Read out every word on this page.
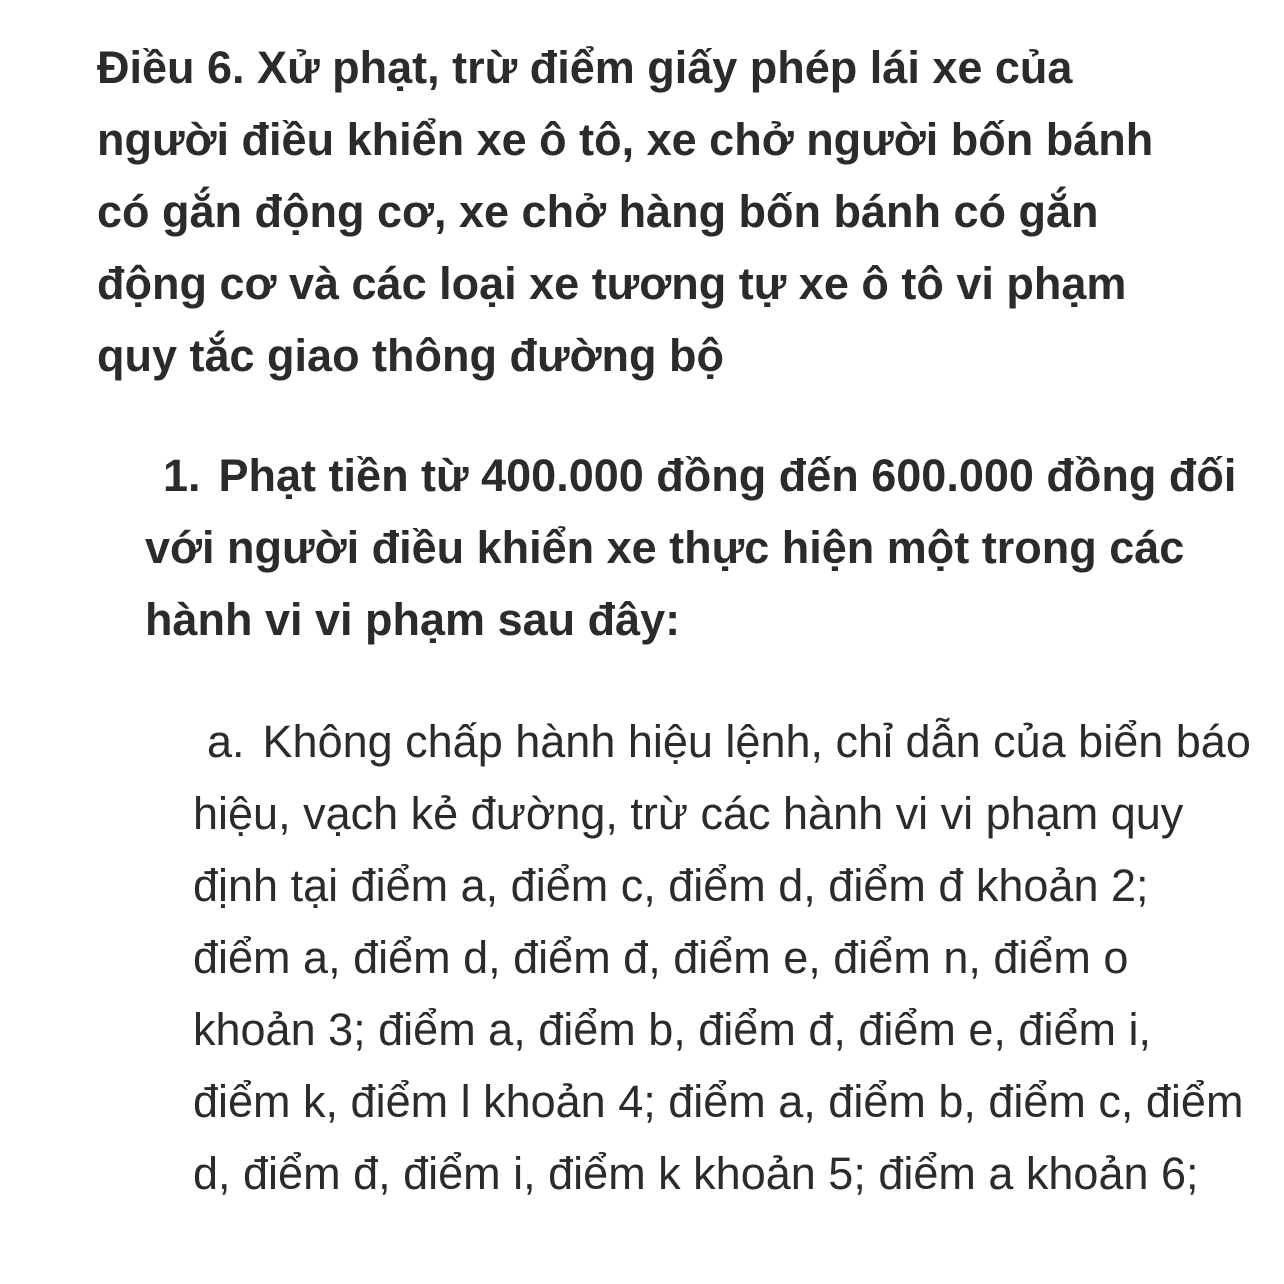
Điều 6. Xử phạt, trừ điểm giấy phép lái xe của
người điều khiển xe ô tô, xe chở người bốn bánh
có gắn động cơ, xe chở hàng bốn bánh có gắn
động cơ và các loại xe tương tự xe ô tô vi phạm
quy tắc giao thông đường bộ

1. Phạt tiền từ 400.000 đồng đến 600.000 đồng đối với người điều khiển xe thực hiện một trong các hành vi vi phạm sau đây:

a. Không chấp hành hiệu lệnh, chỉ dẫn của biển báo hiệu, vạch kẻ đường, trừ các hành vi vi phạm quy định tại điểm a, điểm c, điểm d, điểm đ khoản 2; điểm a, điểm d, điểm đ, điểm e, điểm n, điểm o khoản 3; điểm a, điểm b, điểm đ, điểm e, điểm i, điểm k, điểm l khoản 4; điểm a, điểm b, điểm c, điểm d, điểm đ, điểm i, điểm k khoản 5; điểm a khoản 6;
